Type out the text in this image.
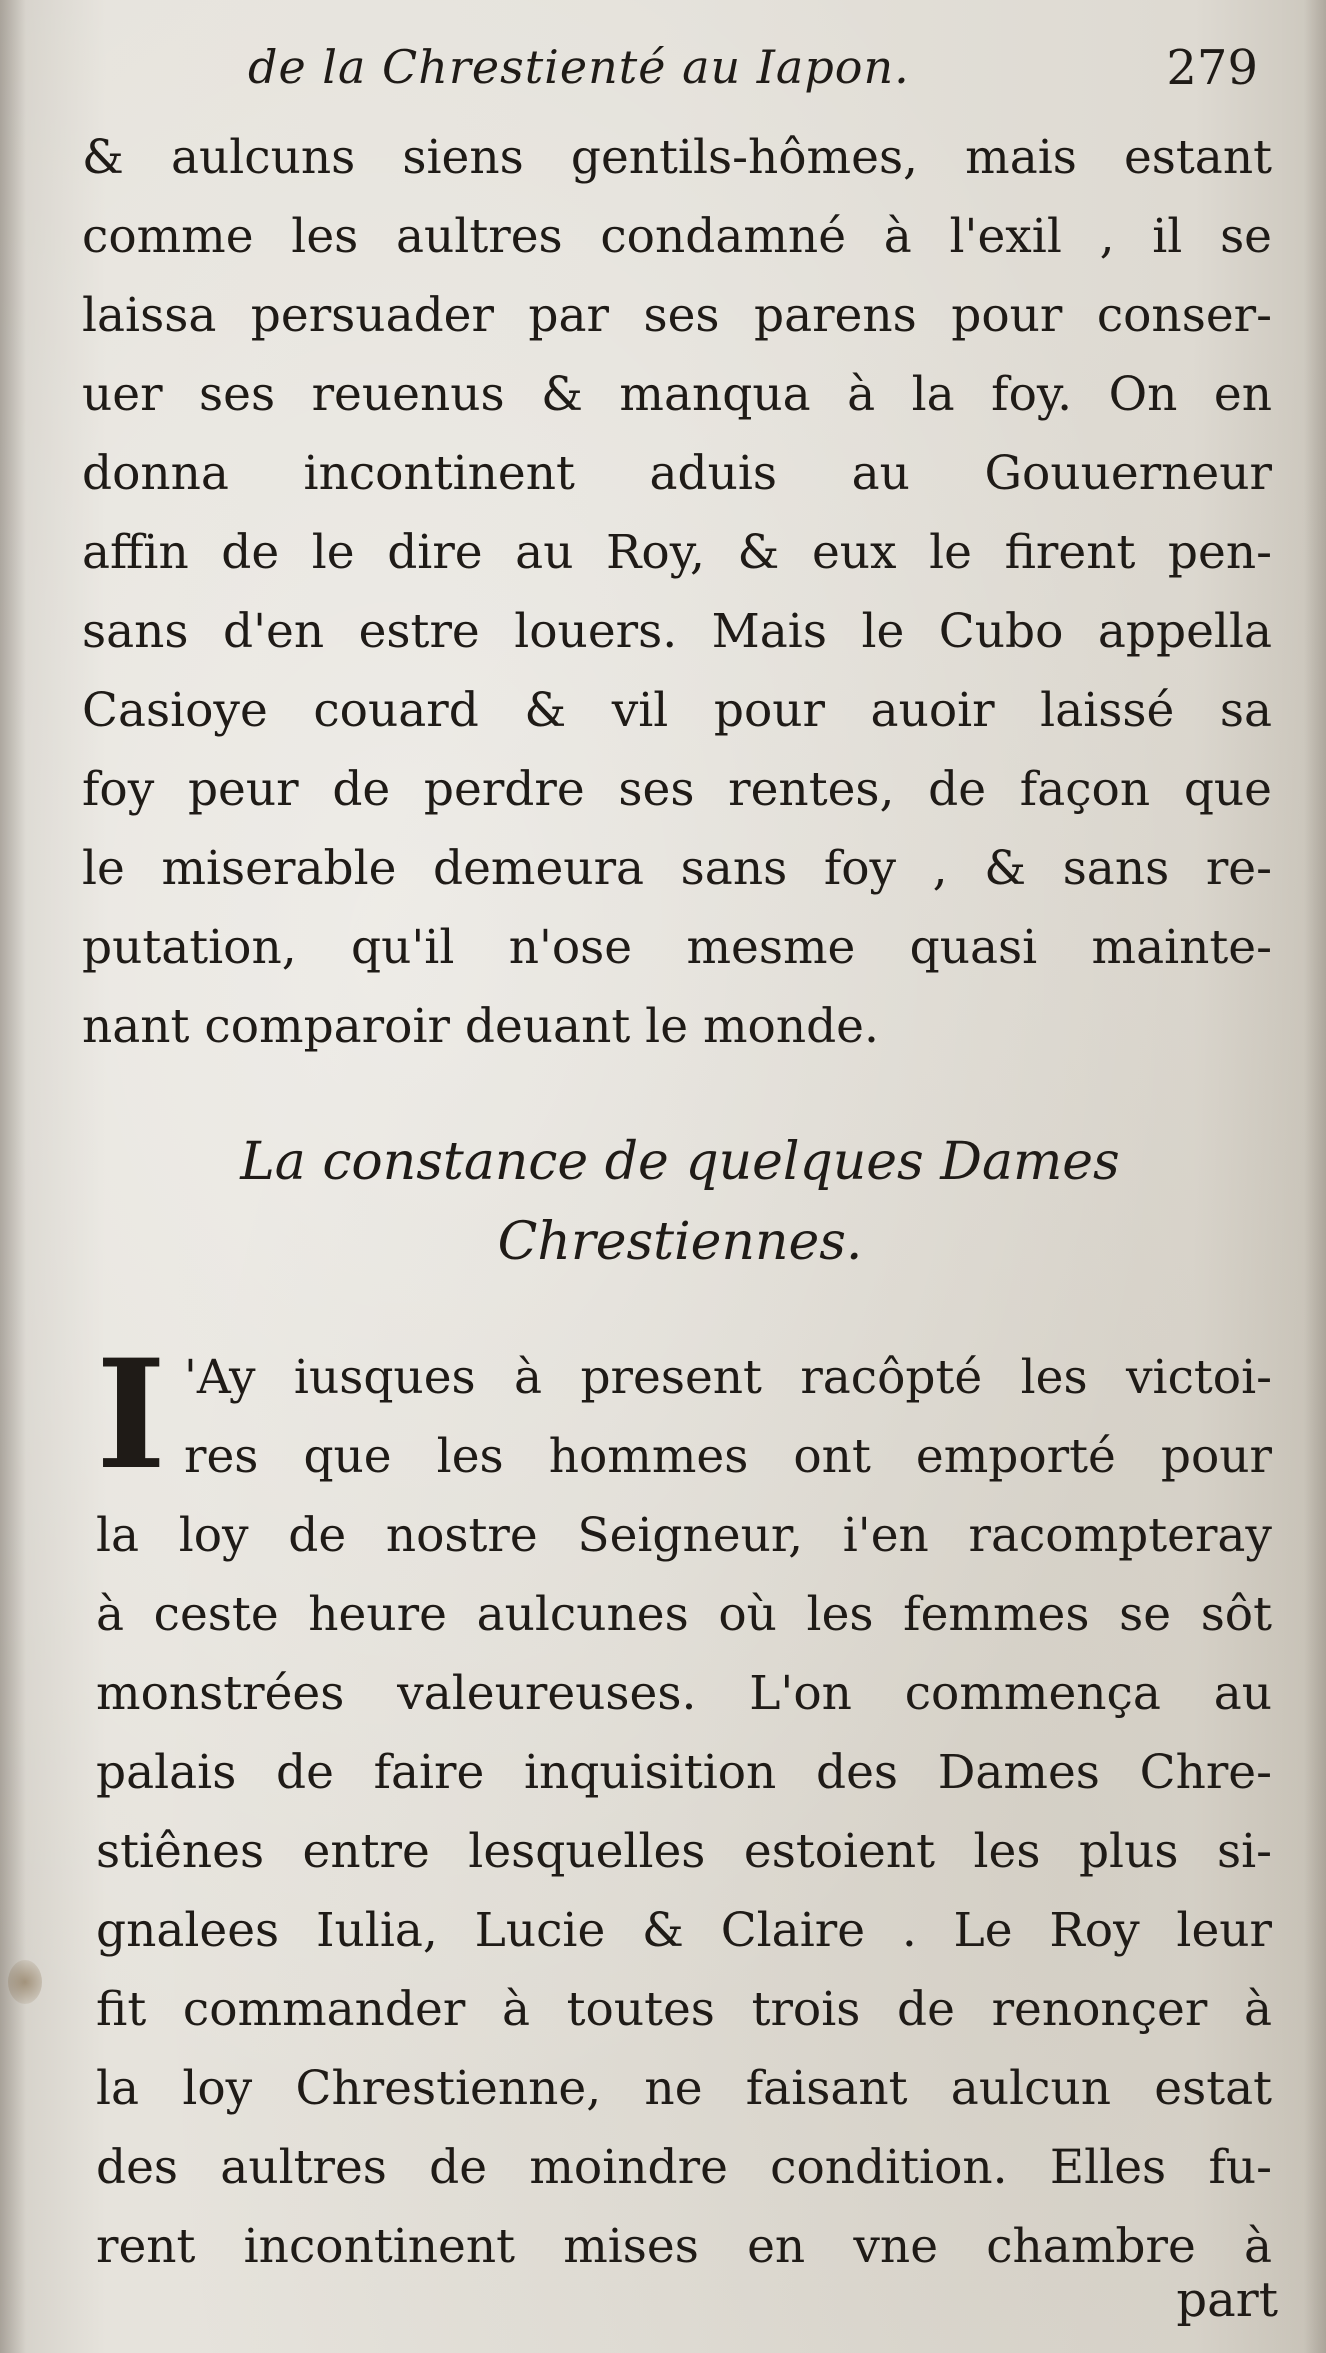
de la Chrestienté au Iapon.	279
& aulcuns siens gentils-hômes, mais estant
comme les aultres condamné à l'exil , il se
laissa persuader par ses parens pour conser-
uer ses reuenus & manqua à la foy. On en
donna incontinent aduis au Gouuerneur
affin de le dire au Roy, & eux le firent pen-
sans d'en estre louers. Mais le Cubo appella
Casioye couard & vil pour auoir laissé sa
foy peur de perdre ses rentes, de façon que
le miserable demeura sans foy , & sans re-
putation, qu'il n'ose mesme quasi mainte-
nant comparoir deuant le monde.
La constance de quelques Dames
Chrestiennes.
I 'Ay iusques à present racôpté les victoi-
res que les hommes ont emporté pour
la loy de nostre Seigneur, i'en racompteray
à ceste heure aulcunes où les femmes se sôt
monstrées valeureuses. L'on commença au
palais de faire inquisition des Dames Chre-
stiênes entre lesquelles estoient les plus si-
gnalees Iulia, Lucie & Claire . Le Roy leur
fit commander à toutes trois de renonçer à
la loy Chrestienne, ne faisant aulcun estat
des aultres de moindre condition. Elles fu-
rent incontinent mises en vne chambre à
part
